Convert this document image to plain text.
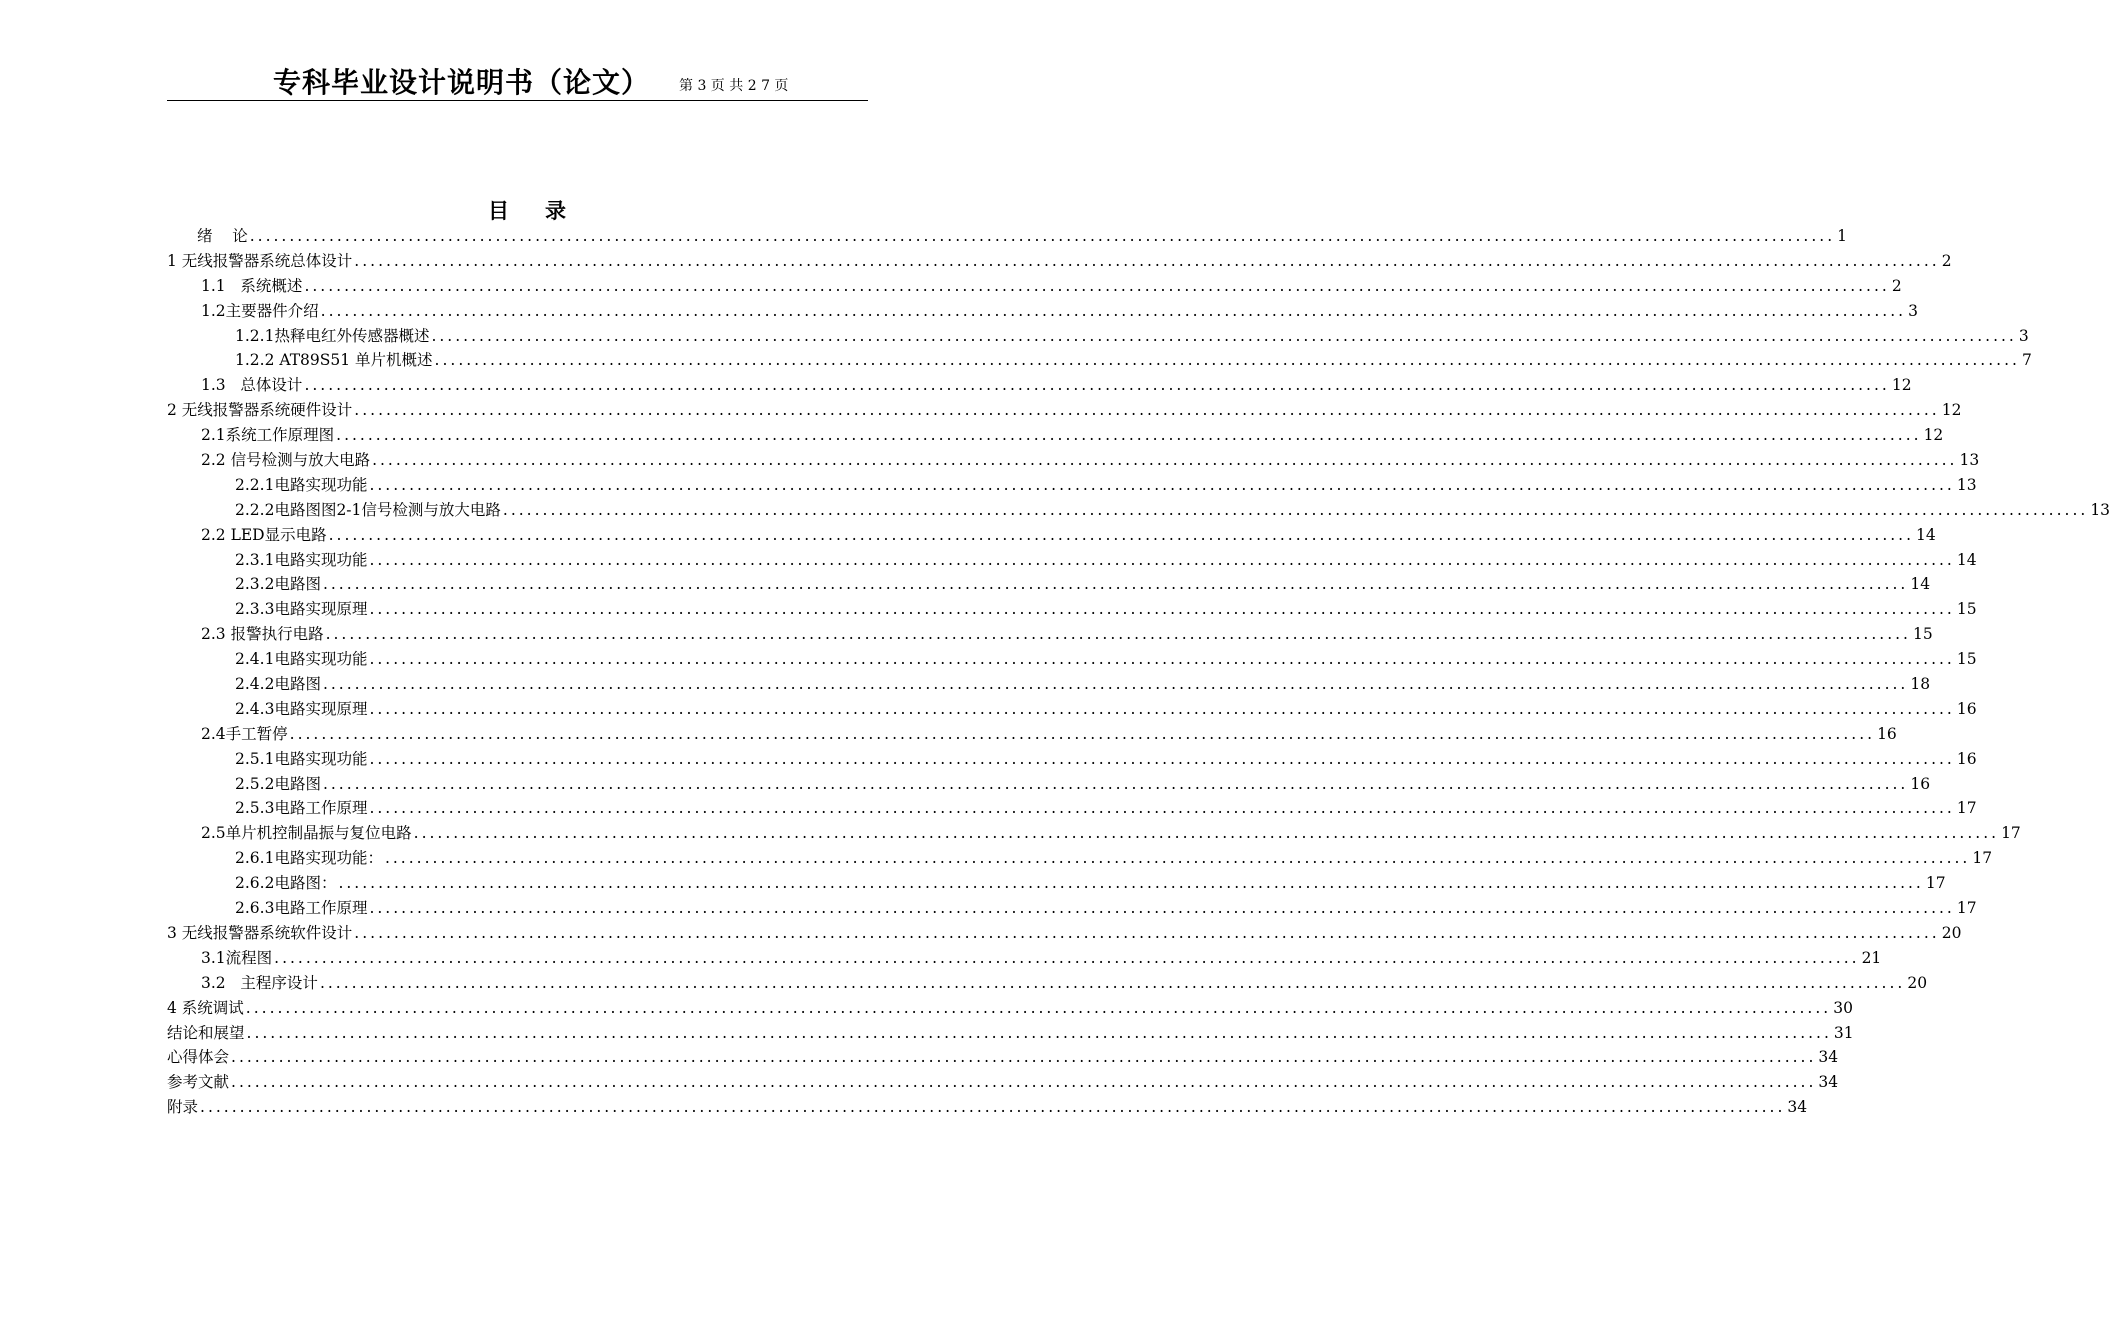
专科毕业设计说明书（论文） 第 3 页 共 2 7 页
目录
绪    论 ........................................................................................................................................................................................................ 1
1 无线报警器系统总体设计 ........................................................................................................................................................................................................ 2
1.1   系统概述 ........................................................................................................................................................................................................ 2
1.2主要器件介绍 ........................................................................................................................................................................................................ 3
1.2.1热释电红外传感器概述 ........................................................................................................................................................................................................ 3
1.2.2 AT89S51 单片机概述 ........................................................................................................................................................................................................ 7
1.3   总体设计 ........................................................................................................................................................................................................ 12
2 无线报警器系统硬件设计 ........................................................................................................................................................................................................ 12
2.1系统工作原理图 ........................................................................................................................................................................................................ 12
2.2 信号检测与放大电路 ........................................................................................................................................................................................................ 13
2.2.1电路实现功能 ........................................................................................................................................................................................................ 13
2.2.2电路图图2-1信号检测与放大电路 ........................................................................................................................................................................................................ 13
2.2 LED显示电路 ........................................................................................................................................................................................................ 14
2.3.1电路实现功能 ........................................................................................................................................................................................................ 14
2.3.2电路图 ........................................................................................................................................................................................................ 14
2.3.3电路实现原理 ........................................................................................................................................................................................................ 15
2.3 报警执行电路 ........................................................................................................................................................................................................ 15
2.4.1电路实现功能 ........................................................................................................................................................................................................ 15
2.4.2电路图 ........................................................................................................................................................................................................ 18
2.4.3电路实现原理 ........................................................................................................................................................................................................ 16
2.4手工暂停 ........................................................................................................................................................................................................ 16
2.5.1电路实现功能 ........................................................................................................................................................................................................ 16
2.5.2电路图 ........................................................................................................................................................................................................ 16
2.5.3电路工作原理 ........................................................................................................................................................................................................ 17
2.5单片机控制晶振与复位电路 ........................................................................................................................................................................................................ 17
2.6.1电路实现功能： ........................................................................................................................................................................................................ 17
2.6.2电路图： ........................................................................................................................................................................................................ 17
2.6.3电路工作原理 ........................................................................................................................................................................................................ 17
3 无线报警器系统软件设计 ........................................................................................................................................................................................................ 20
3.1流程图 ........................................................................................................................................................................................................ 21
3.2   主程序设计 ........................................................................................................................................................................................................ 20
4 系统调试 ........................................................................................................................................................................................................ 30
结论和展望 ........................................................................................................................................................................................................ 31
心得体会 ........................................................................................................................................................................................................ 34
参考文献 ........................................................................................................................................................................................................ 34
附录 ........................................................................................................................................................................................................ 34
